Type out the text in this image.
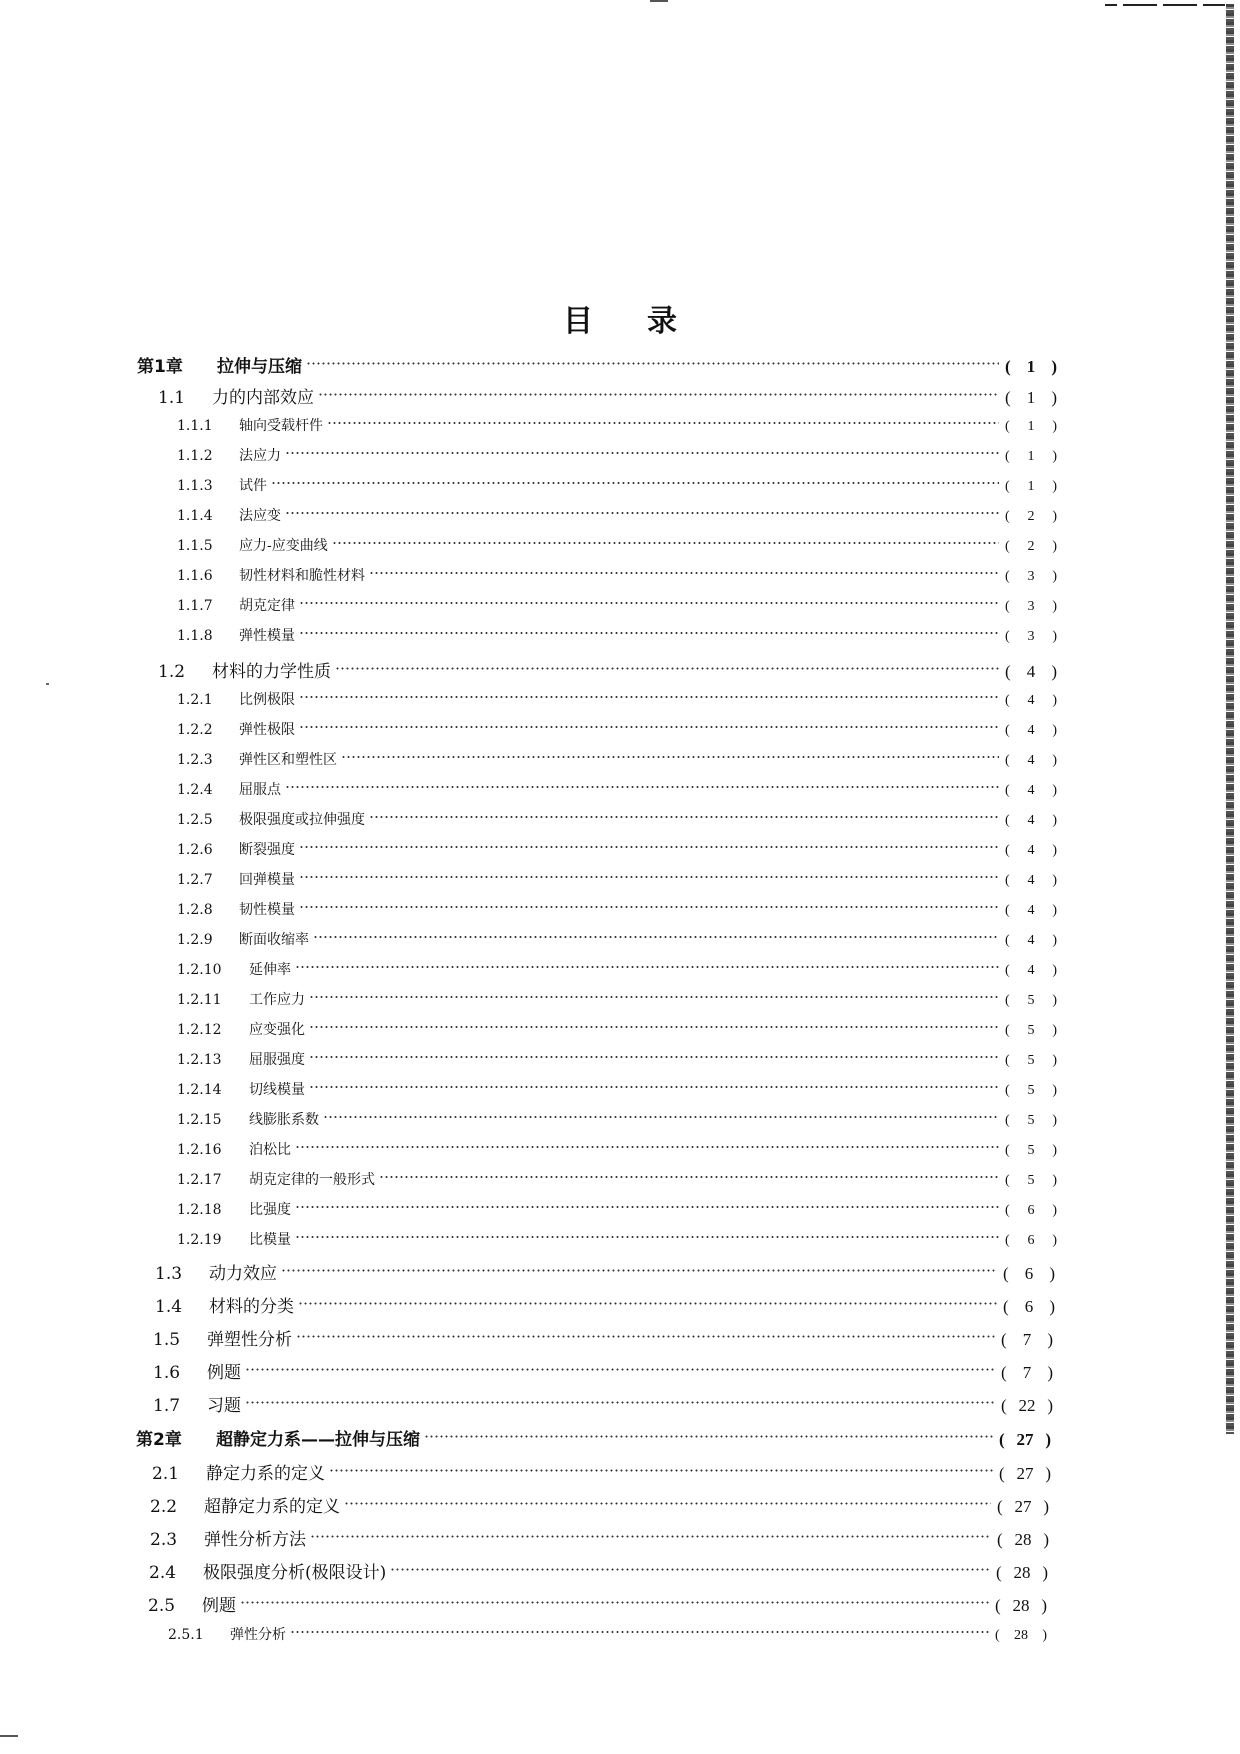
目录
第1章	拉伸与压缩	( 1 )
1.1	力的内部效应	( 1 )
1.1.1	轴向受载杆件	( 1 )
1.1.2	法应力	( 1 )
1.1.3	试件	( 1 )
1.1.4	法应变	( 2 )
1.1.5	应力-应变曲线	( 2 )
1.1.6	韧性材料和脆性材料	( 3 )
1.1.7	胡克定律	( 3 )
1.1.8	弹性模量	( 3 )
1.2	材料的力学性质	( 4 )
1.2.1	比例极限	( 4 )
1.2.2	弹性极限	( 4 )
1.2.3	弹性区和塑性区	( 4 )
1.2.4	屈服点	( 4 )
1.2.5	极限强度或拉伸强度	( 4 )
1.2.6	断裂强度	( 4 )
1.2.7	回弹模量	( 4 )
1.2.8	韧性模量	( 4 )
1.2.9	断面收缩率	( 4 )
1.2.10	延伸率	( 4 )
1.2.11	工作应力	( 5 )
1.2.12	应变强化	( 5 )
1.2.13	屈服强度	( 5 )
1.2.14	切线模量	( 5 )
1.2.15	线膨胀系数	( 5 )
1.2.16	泊松比	( 5 )
1.2.17	胡克定律的一般形式	( 5 )
1.2.18	比强度	( 6 )
1.2.19	比模量	( 6 )
1.3	动力效应	( 6 )
1.4	材料的分类	( 6 )
1.5	弹塑性分析	( 7 )
1.6	例题	( 7 )
1.7	习题	( 22 )
第2章	超静定力系——拉伸与压缩	( 27 )
2.1	静定力系的定义	( 27 )
2.2	超静定力系的定义	( 27 )
2.3	弹性分析方法	( 28 )
2.4	极限强度分析(极限设计)	( 28 )
2.5	例题	( 28 )
2.5.1	弹性分析	( 28 )
